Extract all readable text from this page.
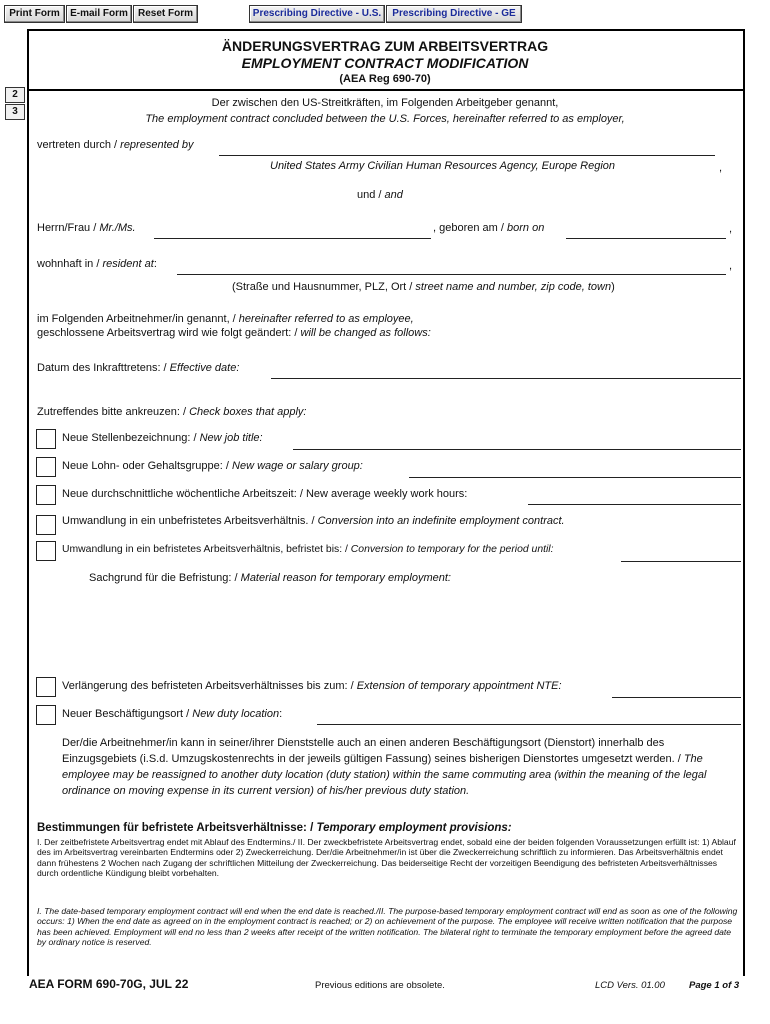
Print Form	E-mail Form	Reset Form	Prescribing Directive - U.S.	Prescribing Directive - GE
2
3
ÄNDERUNGSVERTRAG ZUM ARBEITSVERTRAG
EMPLOYMENT CONTRACT MODIFICATION
(AEA Reg 690-70)
Der zwischen den US-Streitkräften, im Folgenden Arbeitgeber genannt,
The employment contract concluded between the U.S. Forces, hereinafter referred to as employer,
vertreten durch / represented by
United States Army Civilian Human Resources Agency, Europe Region	,
und / and
Herrn/Frau / Mr./Ms.	, geboren am / born on	,
wohnhaft in / resident at:	,
(Straße und Hausnummer, PLZ, Ort / street name and number, zip code, town)
im Folgenden Arbeitnehmer/in genannt, / hereinafter referred to as employee,
geschlossene Arbeitsvertrag wird wie folgt geändert: / will be changed as follows:
Datum des Inkrafttretens: / Effective date:
Zutreffendes bitte ankreuzen: / Check boxes that apply:
Neue Stellenbezeichnung: / New job title:
Neue Lohn- oder Gehaltsgruppe: / New wage or salary group:
Neue durchschnittliche wöchentliche Arbeitszeit: / New average weekly work hours:
Umwandlung in ein unbefristetes Arbeitsverhältnis. / Conversion into an indefinite employment contract.
Umwandlung in ein befristetes Arbeitsverhältnis, befristet bis: / Conversion to temporary for the period until:
Sachgrund für die Befristung: / Material reason for temporary employment:
Verlängerung des befristeten Arbeitsverhältnisses bis zum: / Extension of temporary appointment NTE:
Neuer Beschäftigungsort / New duty location:
Der/die Arbeitnehmer/in kann in seiner/ihrer Dienststelle auch an einen anderen Beschäftigungsort (Dienstort) innerhalb des Einzugsgebiets (i.S.d. Umzugskostenrechts in der jeweils gültigen Fassung) seines bisherigen Dienstortes umgesetzt werden. / The employee may be reassigned to another duty location (duty station) within the same commuting area (within the meaning of the legal ordinance on moving expense in its current version) of his/her previous duty station.
Bestimmungen für befristete Arbeitsverhältnisse: / Temporary employment provisions:
I. Der zeitbefristete Arbeitsvertrag endet mit Ablauf des Endtermins./ II. Der zweckbefristete Arbeitsvertrag endet, sobald eine der beiden folgenden Voraussetzungen erfüllt ist: 1) Ablauf des im Arbeitsvertrag vereinbarten Endtermins oder 2) Zweckerreichung. Der/die Arbeitnehmer/in ist über die Zweckerreichung schriftlich zu informieren. Das Arbeitsverhältnis endet dann frühestens 2 Wochen nach Zugang der schriftlichen Mitteilung der Zweckerreichung. Das beiderseitige Recht der vorzeitigen Beendigung des befristeten Arbeitsverhältnisses durch ordentliche Kündigung bleibt vorbehalten.
I. The date-based temporary employment contract will end when the end date is reached./II. The purpose-based temporary employment contract will end as soon as one of the following occurs: 1) When the end date as agreed on in the employment contract is reached; or 2) on achievement of the purpose. The employee will receive written notification that the purpose has been achieved. Employment will end no less than 2 weeks after receipt of the written notification. The bilateral right to terminate the temporary employment before the agreed date by ordinary notice is reserved.
AEA FORM 690-70G, JUL 22	Previous editions are obsolete.	LCD Vers. 01.00	Page 1 of 3
